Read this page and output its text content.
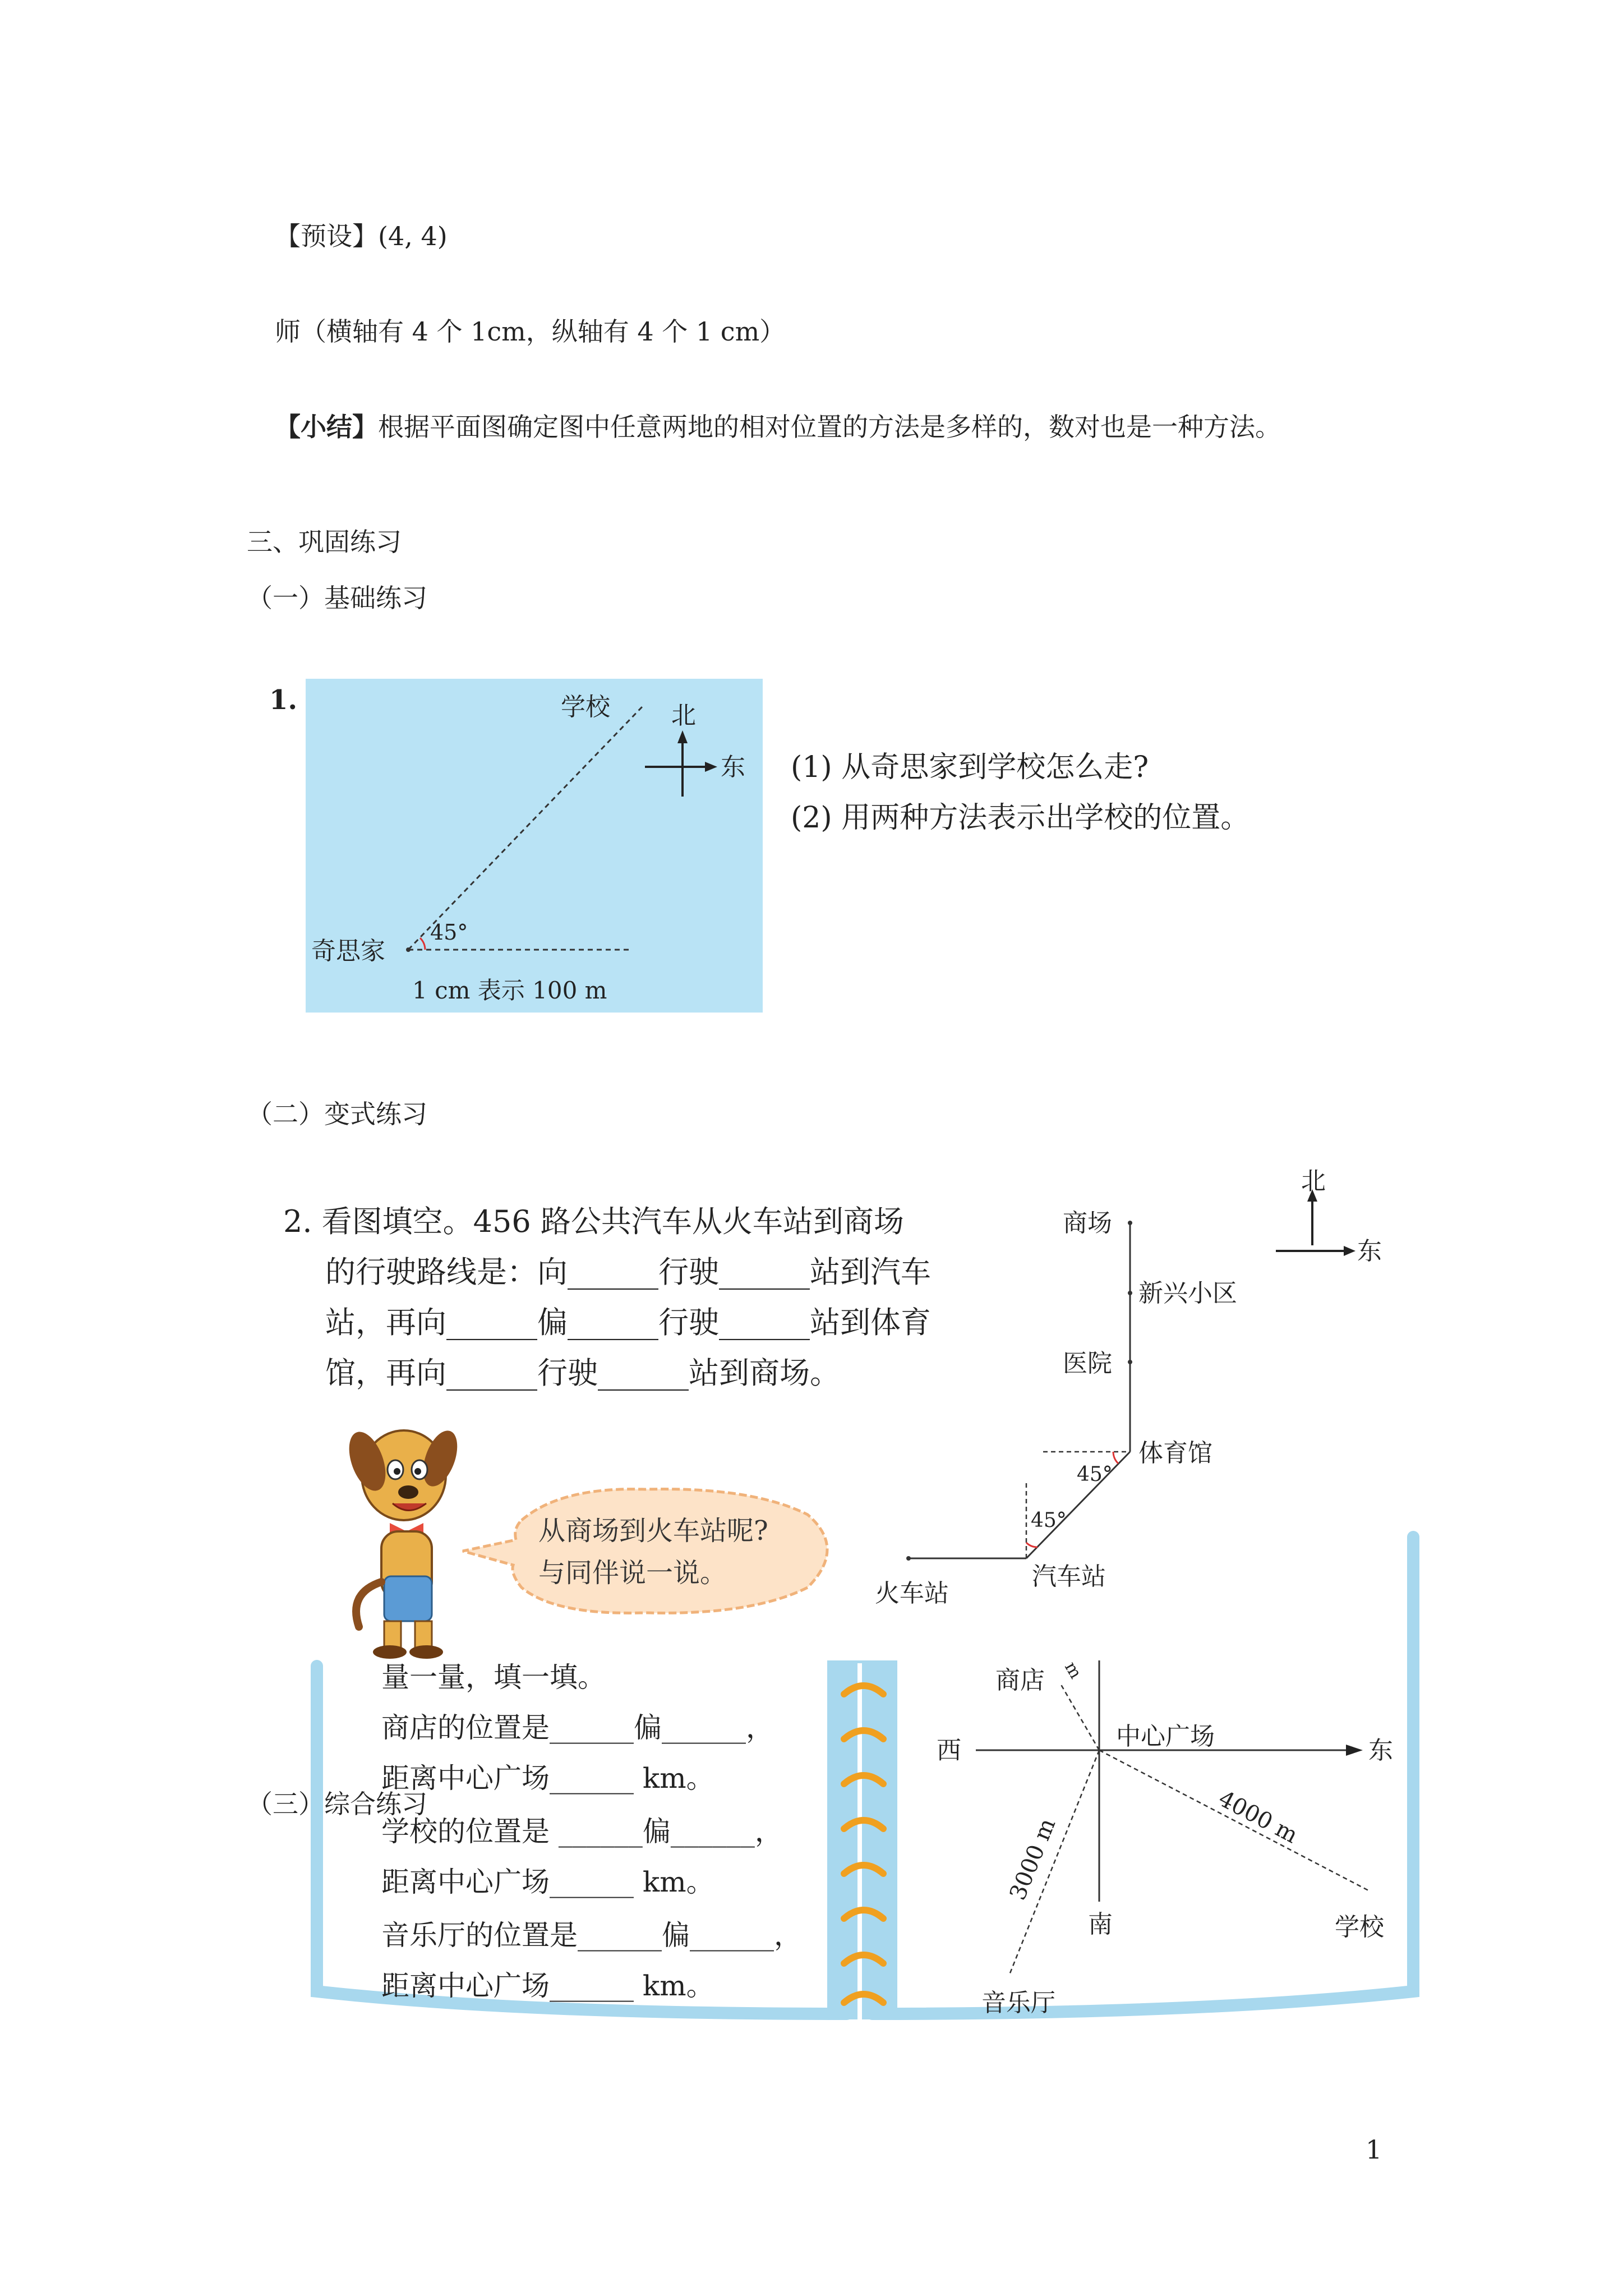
【预设】(4, 4)
师（横轴有 4 个 1cm，纵轴有 4 个 1 cm）
【小结】根据平面图确定图中任意两地的相对位置的方法是多样的，数对也是一种方法。
三、巩固练习
（一）基础练习
1.	学校 北
东
奇思家
45°
1 cm 表示 100 m
(1) 从奇思家到学校怎么走?
(2) 用两种方法表示出学校的位置。
（二）变式练习
2. 看图填空。456 路公共汽车从火车站到商场
的行驶路线是：向______行驶______站到汽车
站，再向______偏______行驶______站到体育
馆，再向______行驶______站到商场。
北
东
商场
新兴小区
医院
体育馆
汽车站
火车站
45°
45°
从商场到火车站呢?
与同伴说一说。
量一量，填一填。
商店的位置是______偏______，
距离中心广场______ km。
（三）综合练习
学校的位置是 ______偏______，
距离中心广场______ km。
音乐厅的位置是______偏______，
距离中心广场______ km。
商店 m
中心广场
西	东
南	学校
音乐厅
4000 m
3000 m
1
